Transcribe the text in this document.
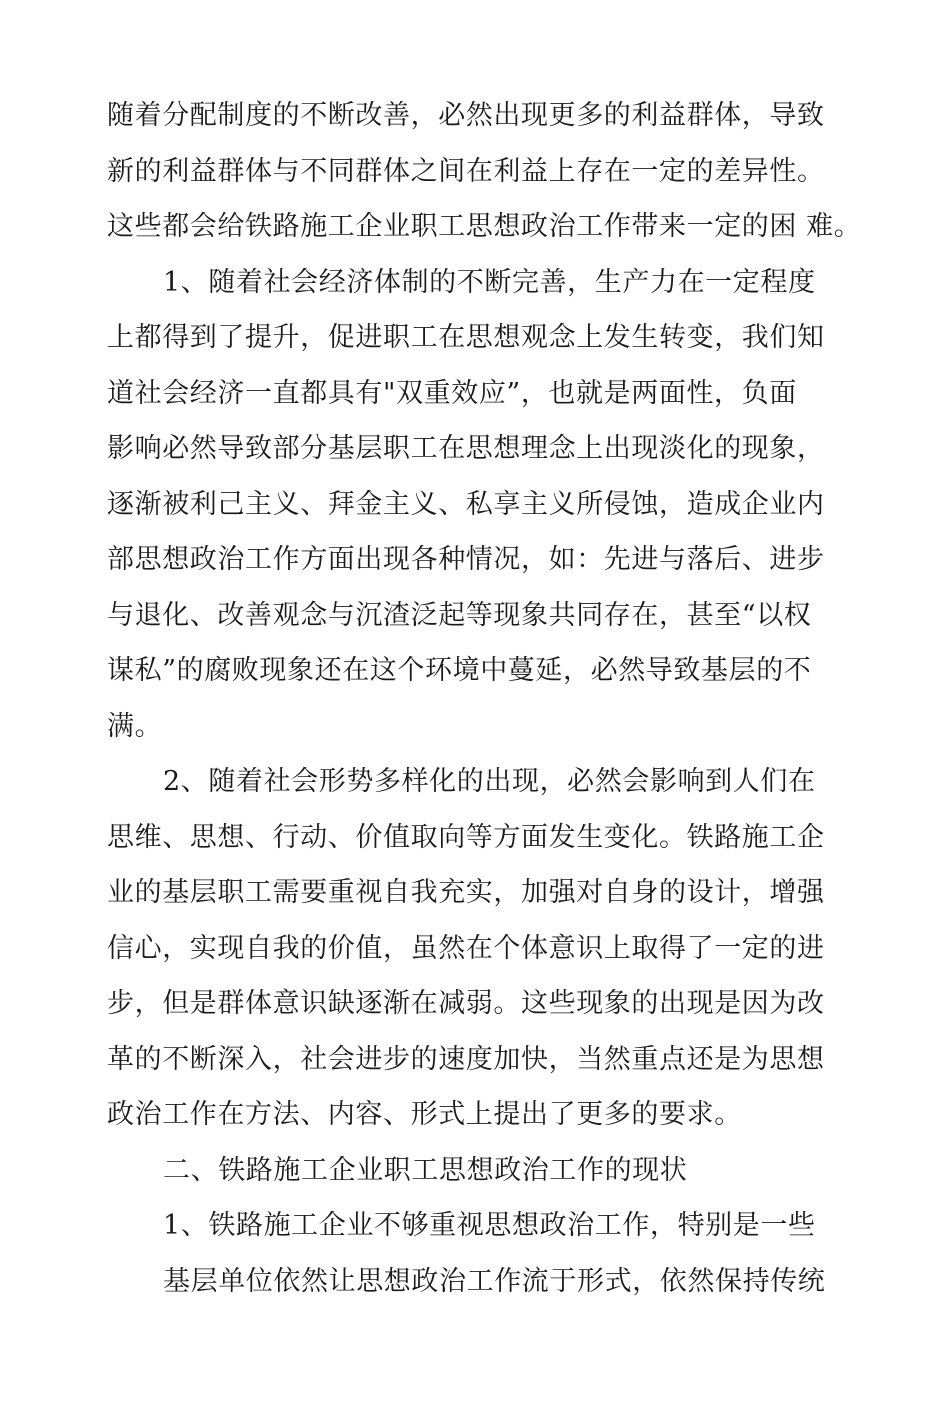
随着分配制度的不断改善，必然出现更多的利益群体，导致
新的利益群体与不同群体之间在利益上存在一定的差异性。
这些都会给铁路施工企业职工思想政治工作带来一定的困 难。
1、随着社会经济体制的不断完善，生产力在一定程度
上都得到了提升，促进职工在思想观念上发生转变，我们知
道社会经济一直都具有"双重效应”，也就是两面性，负面
影响必然导致部分基层职工在思想理念上出现淡化的现象，
逐渐被利己主义、拜金主义、私享主义所侵蚀，造成企业内
部思想政治工作方面出现各种情况，如：先进与落后、进步
与退化、改善观念与沉渣泛起等现象共同存在，甚至“以权
谋私”的腐败现象还在这个环境中蔓延，必然导致基层的不
满。
2、随着社会形势多样化的出现，必然会影响到人们在
思维、思想、行动、价值取向等方面发生变化。铁路施工企
业的基层职工需要重视自我充实，加强对自身的设计，增强
信心，实现自我的价值，虽然在个体意识上取得了一定的进
步，但是群体意识缺逐渐在减弱。这些现象的出现是因为改
革的不断深入，社会进步的速度加快，当然重点还是为思想
政治工作在方法、内容、形式上提出了更多的要求。
二、铁路施工企业职工思想政治工作的现状
1、铁路施工企业不够重视思想政治工作，特别是一些
基层单位依然让思想政治工作流于形式，依然保持传统
